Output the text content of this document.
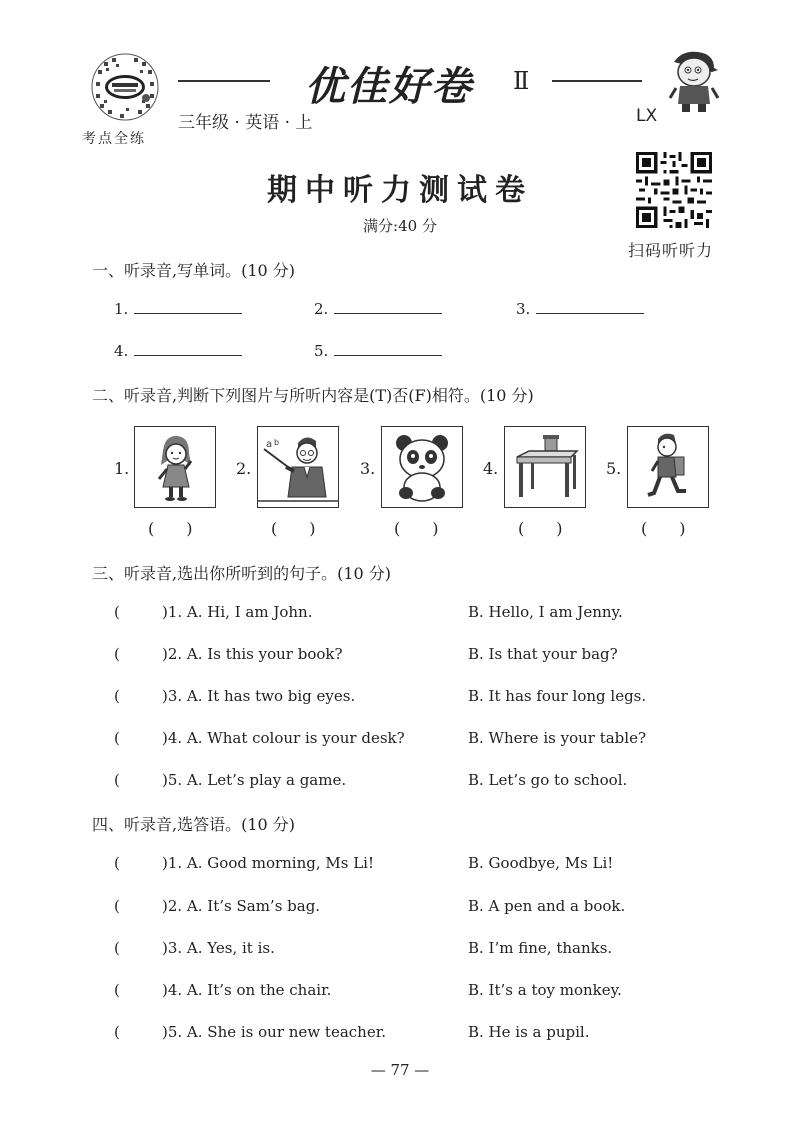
考点全练
优佳好卷 Ⅱ
三年级 · 英语 · 上	LX
期中听力测试卷
满分:40 分
扫码听听力
一、听录音,写单词。(10 分)
1.	2.	3.
4.	5.
二、听录音,判断下列图片与所听内容是(T)否(F)相符。(10 分)
1.
(　　)
2.
a b
(　　)
3.
(　　)
4.
(　　)
5.
(　　)
三、听录音,选出你所听到的句子。(10 分)
(	)1. A. Hi, I am John.	B. Hello, I am Jenny.
(	)2. A. Is this your book?	B. Is that your bag?
(	)3. A. It has two big eyes.	B. It has four long legs.
(	)4. A. What colour is your desk?	B. Where is your table?
(	)5. A. Let’s play a game.	B. Let’s go to school.
四、听录音,选答语。(10 分)
(	)1. A. Good morning, Ms Li!	B. Goodbye, Ms Li!
(	)2. A. It’s Sam’s bag.	B. A pen and a book.
(	)3. A. Yes, it is.	B. I’m fine, thanks.
(	)4. A. It’s on the chair.	B. It’s a toy monkey.
(	)5. A. She is our new teacher.	B. He is a pupil.
— 77 —
